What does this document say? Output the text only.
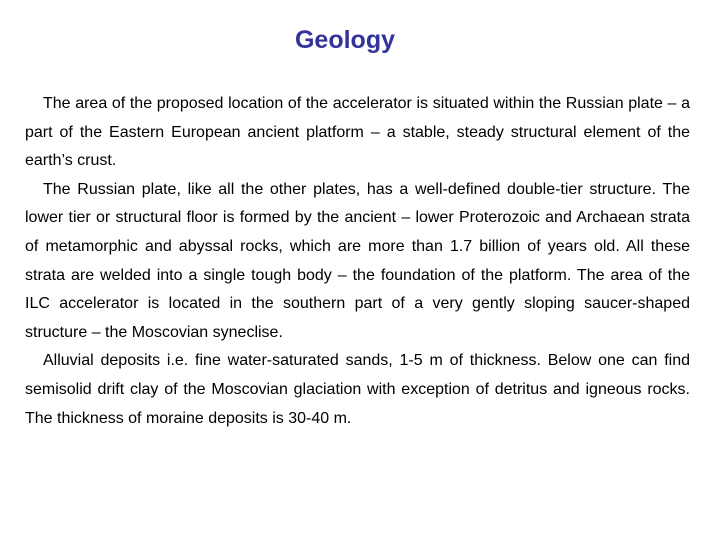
Geology

The area of the proposed location of the accelerator is situated within the Russian plate – a part of the Eastern European ancient platform – a stable, steady structural element of the earth’s crust.

The Russian plate, like all the other plates, has a well-defined double-tier structure. The lower tier or structural floor is formed by the ancient – lower Proterozoic and Archaean strata of metamorphic and abyssal rocks, which are more than 1.7 billion of years old. All these strata are welded into a single tough body – the foundation of the platform. The area of the ILC accelerator is located in the southern part of a very gently sloping saucer-shaped structure – the Moscovian syneclise.

Alluvial deposits i.e. fine water-saturated sands, 1-5 m of thickness. Below one can find semisolid drift clay of the Moscovian glaciation with exception of detritus and igneous rocks. The thickness of moraine deposits is 30-40 m.
